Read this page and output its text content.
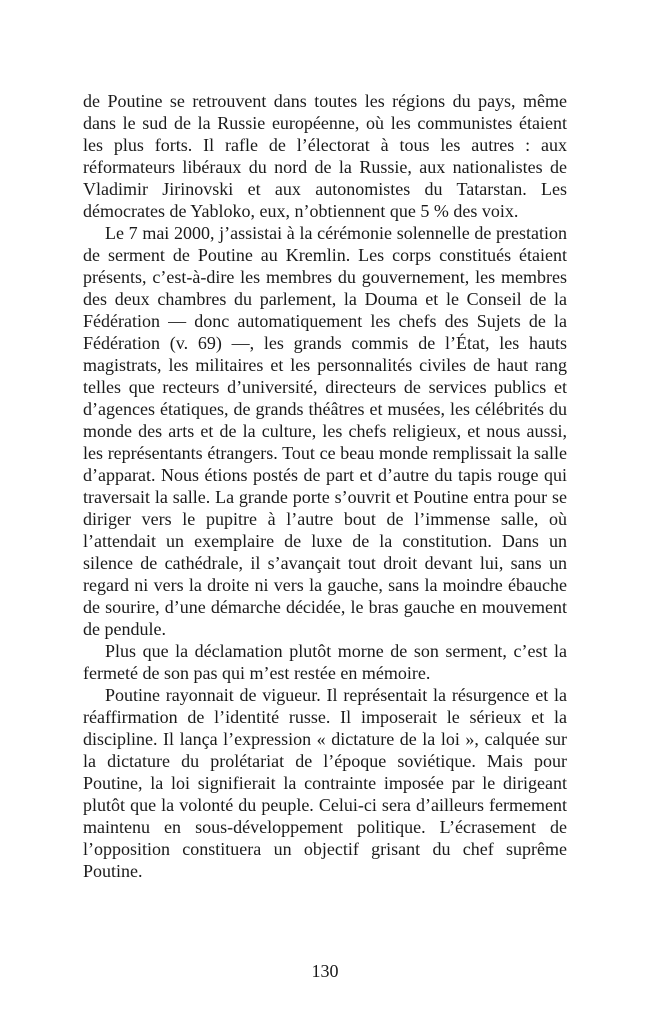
de Poutine se retrouvent dans toutes les régions du pays, même dans le sud de la Russie européenne, où les communistes étaient les plus forts. Il rafle de l’électorat à tous les autres : aux réformateurs libéraux du nord de la Russie, aux nationalistes de Vladimir Jirinovski et aux autonomistes du Tatarstan. Les démocrates de Yabloko, eux, n’obtiennent que 5 % des voix.

Le 7 mai 2000, j’assistai à la cérémonie solennelle de prestation de serment de Poutine au Kremlin. Les corps constitués étaient présents, c’est-à-dire les membres du gouvernement, les membres des deux chambres du parlement, la Douma et le Conseil de la Fédération — donc automatiquement les chefs des Sujets de la Fédération (v. 69) —, les grands commis de l’État, les hauts magistrats, les militaires et les personnalités civiles de haut rang telles que recteurs d’université, directeurs de services publics et d’agences étatiques, de grands théâtres et musées, les célébrités du monde des arts et de la culture, les chefs religieux, et nous aussi, les représentants étrangers. Tout ce beau monde remplissait la salle d’apparat. Nous étions postés de part et d’autre du tapis rouge qui traversait la salle. La grande porte s’ouvrit et Poutine entra pour se diriger vers le pupitre à l’autre bout de l’immense salle, où l’attendait un exemplaire de luxe de la constitution. Dans un silence de cathédrale, il s’avançait tout droit devant lui, sans un regard ni vers la droite ni vers la gauche, sans la moindre ébauche de sourire, d’une démarche décidée, le bras gauche en mouvement de pendule.

Plus que la déclamation plutôt morne de son serment, c’est la fermeté de son pas qui m’est restée en mémoire.

Poutine rayonnait de vigueur. Il représentait la résurgence et la réaffirmation de l’identité russe. Il imposerait le sérieux et la discipline. Il lança l’expression « dictature de la loi », calquée sur la dictature du prolétariat de l’époque soviétique. Mais pour Poutine, la loi signifierait la contrainte imposée par le dirigeant plutôt que la volonté du peuple. Celui-ci sera d’ailleurs fermement maintenu en sous-développement politique. L’écrasement de l’opposition constituera un objectif grisant du chef suprême Poutine.

130
